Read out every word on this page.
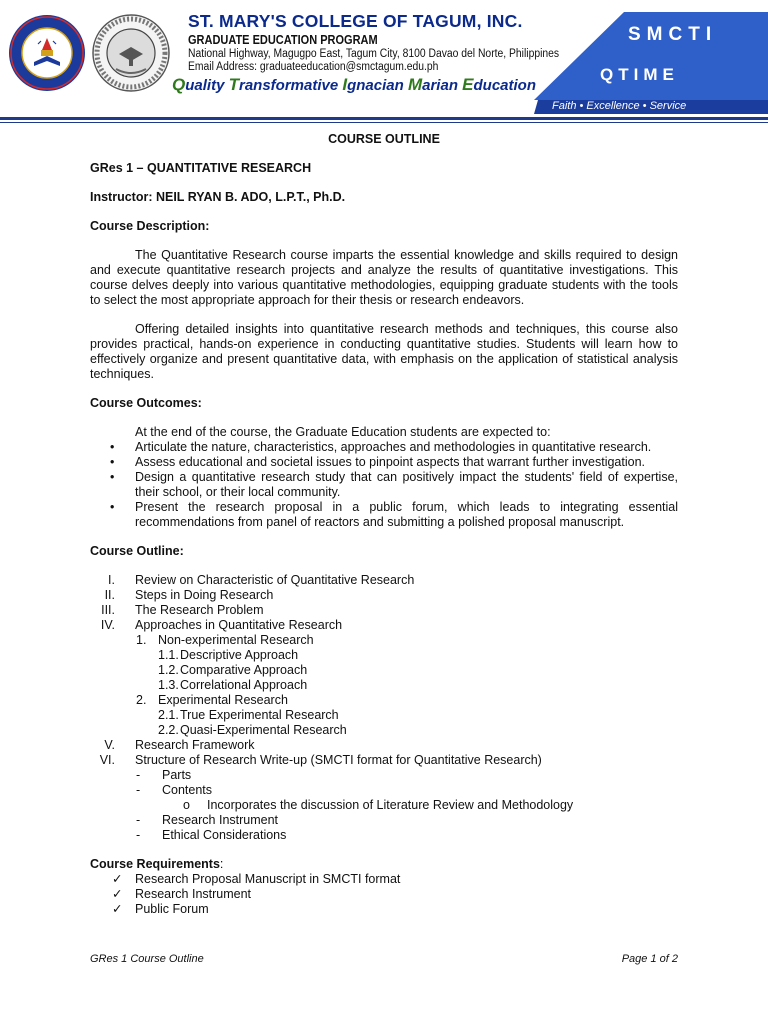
ST. MARY'S COLLEGE OF TAGUM, INC.
GRADUATE EDUCATION PROGRAM
National Highway, Magugpo East, Tagum City, 8100 Davao del Norte, Philippines
Email Address: graduateeducation@smctagum.edu.ph
Quality Transformative Ignacian Marian Education
SMCTI
QTIME
Faith • Excellence • Service
COURSE OUTLINE
GRes 1 – QUANTITATIVE RESEARCH
Instructor: NEIL RYAN B. ADO, L.P.T., Ph.D.
Course Description:

The Quantitative Research course imparts the essential knowledge and skills required to design and execute quantitative research projects and analyze the results of quantitative investigations. This course delves deeply into various quantitative methodologies, equipping graduate students with the tools to select the most appropriate approach for their thesis or research endeavors.

Offering detailed insights into quantitative research methods and techniques, this course also provides practical, hands-on experience in conducting quantitative studies. Students will learn how to effectively organize and present quantitative data, with emphasis on the application of statistical analysis techniques.

Course Outcomes:
At the end of the course, the Graduate Education students are expected to:
• Articulate the nature, characteristics, approaches and methodologies in quantitative research.
• Assess educational and societal issues to pinpoint aspects that warrant further investigation.
• Design a quantitative research study that can positively impact the students' field of expertise, their school, or their local community.
• Present the research proposal in a public forum, which leads to integrating essential recommendations from panel of reactors and submitting a polished proposal manuscript.
Course Outline:
I. Review on Characteristic of Quantitative Research
II. Steps in Doing Research
III. The Research Problem
IV. Approaches in Quantitative Research
1. Non-experimental Research
1.1. Descriptive Approach
1.2. Comparative Approach
1.3. Correlational Approach
2. Experimental Research
2.1. True Experimental Research
2.2. Quasi-Experimental Research
V. Research Framework
VI. Structure of Research Write-up (SMCTI format for Quantitative Research)
- Parts
- Contents
o Incorporates the discussion of Literature Review and Methodology
- Research Instrument
- Ethical Considerations
Course Requirements:
✓ Research Proposal Manuscript in SMCTI format
✓ Research Instrument
✓ Public Forum
GRes 1 Course Outline	Page 1 of 2
